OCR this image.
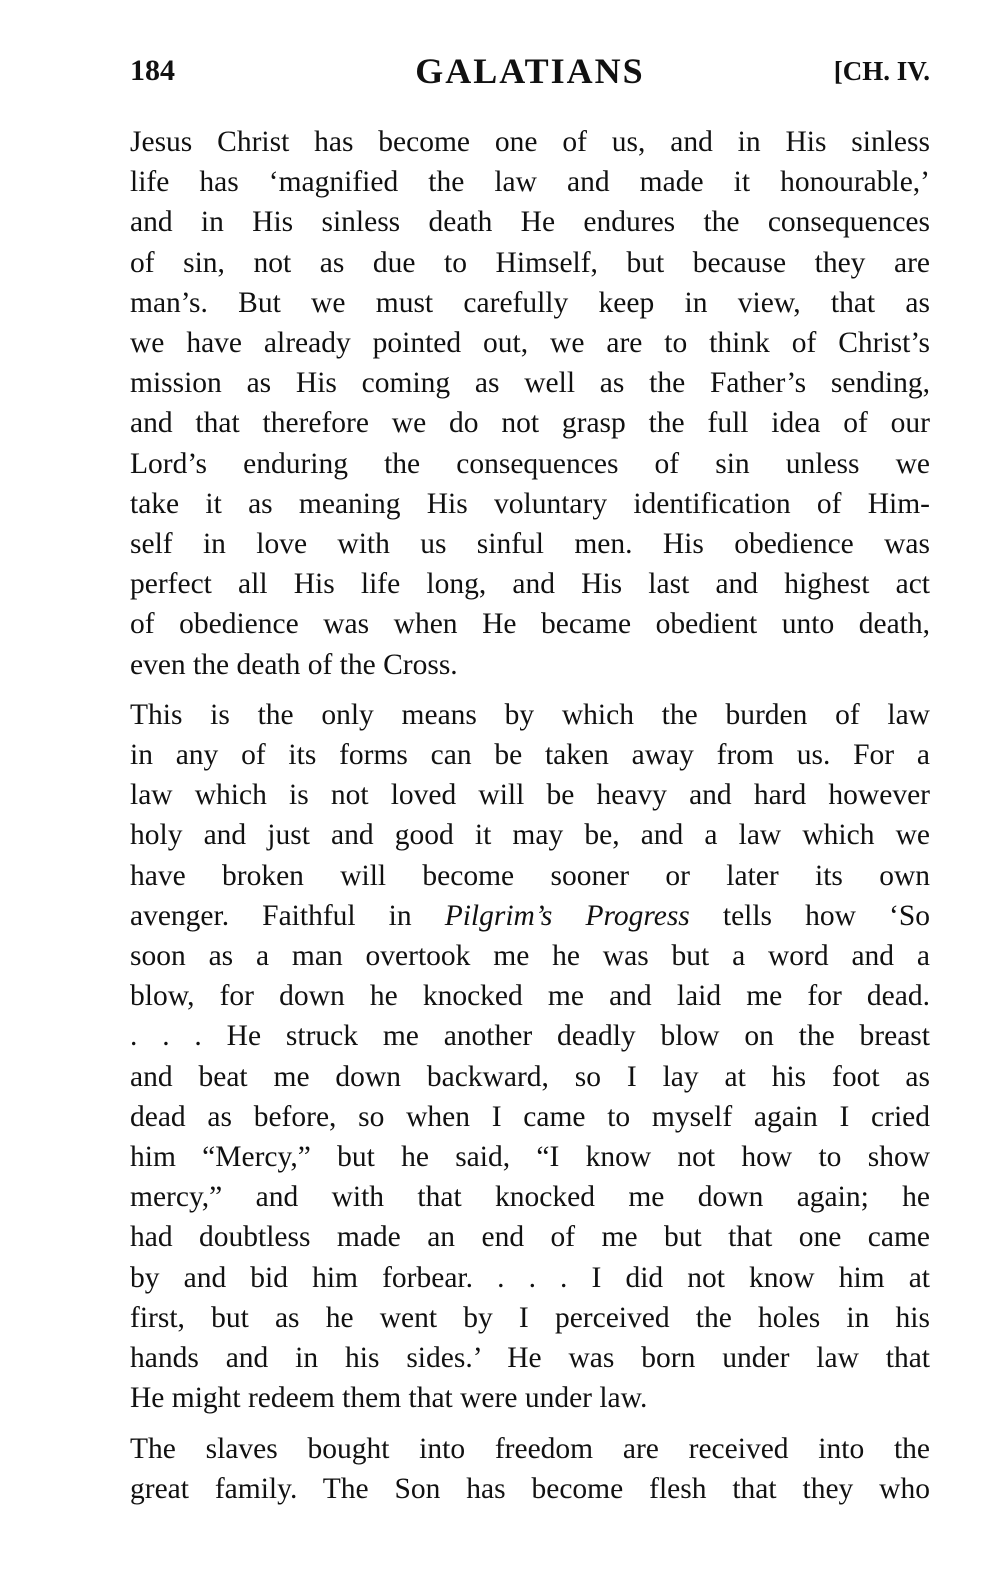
184	GALATIANS	[CH. IV.

Jesus Christ has become one of us, and in His sinless
life has ‘magnified the law and made it honourable,’
and in His sinless death He endures the consequences
of sin, not as due to Himself, but because they are
man’s. But we must carefully keep in view, that as
we have already pointed out, we are to think of Christ’s
mission as His coming as well as the Father’s sending,
and that therefore we do not grasp the full idea of our
Lord’s enduring the consequences of sin unless we
take it as meaning His voluntary identification of Him-
self in love with us sinful men. His obedience was
perfect all His life long, and His last and highest act
of obedience was when He became obedient unto death,
even the death of the Cross.

This is the only means by which the burden of law
in any of its forms can be taken away from us. For a
law which is not loved will be heavy and hard however
holy and just and good it may be, and a law which we
have broken will become sooner or later its own
avenger. Faithful in Pilgrim’s Progress tells how ‘So
soon as a man overtook me he was but a word and a
blow, for down he knocked me and laid me for dead.
. . . He struck me another deadly blow on the breast
and beat me down backward, so I lay at his foot as
dead as before, so when I came to myself again I cried
him “Mercy,” but he said, “I know not how to show
mercy,” and with that knocked me down again; he
had doubtless made an end of me but that one came
by and bid him forbear. . . . I did not know him at
first, but as he went by I perceived the holes in his
hands and in his sides.’ He was born under law that
He might redeem them that were under law.

The slaves bought into freedom are received into the
great family. The Son has become flesh that they who
